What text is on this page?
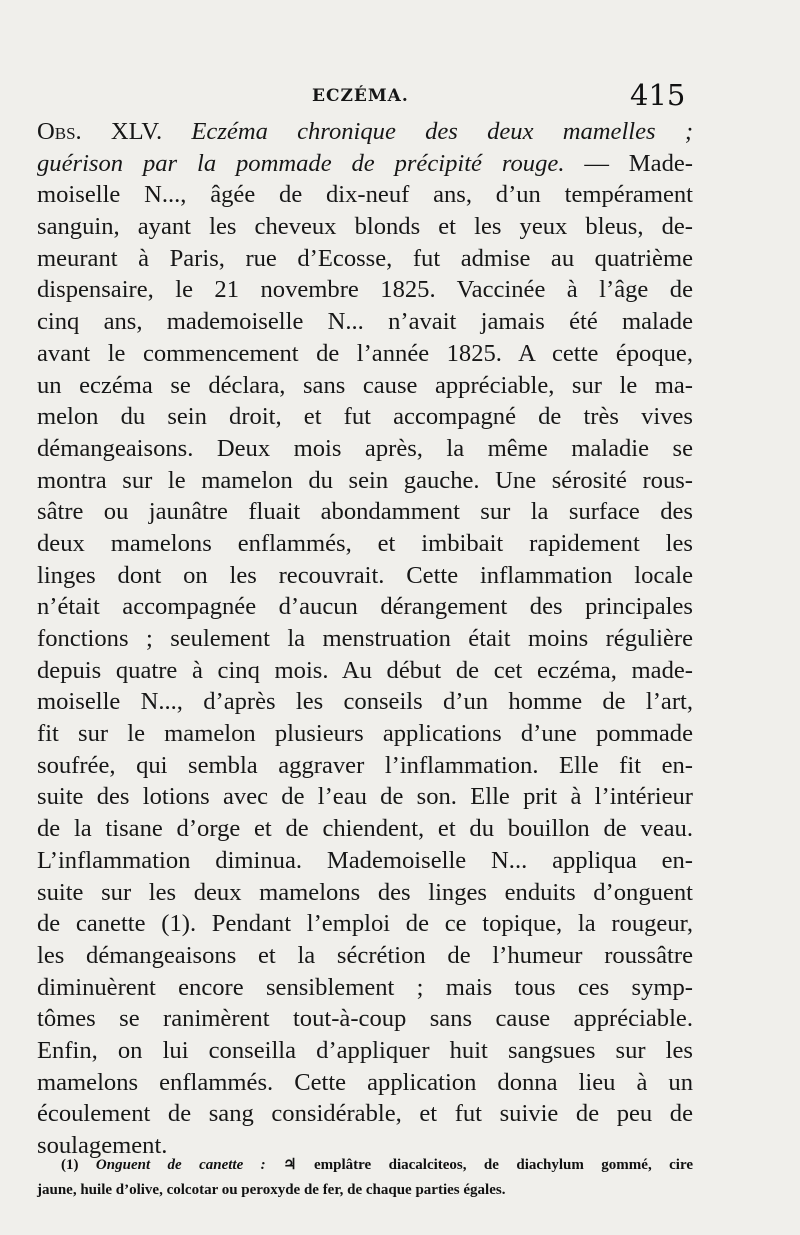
ECZÉMA.	415
Obs. XLV. Eczéma chronique des deux mamelles ;
guérison par la pommade de précipité rouge. — Made-
moiselle N..., âgée de dix-neuf ans, d’un tempérament
sanguin, ayant les cheveux blonds et les yeux bleus, de-
meurant à Paris, rue d’Ecosse, fut admise au quatrième
dispensaire, le 21 novembre 1825. Vaccinée à l’âge de
cinq ans, mademoiselle N... n’avait jamais été malade
avant le commencement de l’année 1825. A cette époque,
un eczéma se déclara, sans cause appréciable, sur le ma-
melon du sein droit, et fut accompagné de très vives
démangeaisons. Deux mois après, la même maladie se
montra sur le mamelon du sein gauche. Une sérosité rous-
sâtre ou jaunâtre fluait abondamment sur la surface des
deux mamelons enflammés, et imbibait rapidement les
linges dont on les recouvrait. Cette inflammation locale
n’était accompagnée d’aucun dérangement des principales
fonctions ; seulement la menstruation était moins régulière
depuis quatre à cinq mois. Au début de cet eczéma, made-
moiselle N..., d’après les conseils d’un homme de l’art,
fit sur le mamelon plusieurs applications d’une pommade
soufrée, qui sembla aggraver l’inflammation. Elle fit en-
suite des lotions avec de l’eau de son. Elle prit à l’intérieur
de la tisane d’orge et de chiendent, et du bouillon de veau.
L’inflammation diminua. Mademoiselle N... appliqua en-
suite sur les deux mamelons des linges enduits d’onguent
de canette (1). Pendant l’emploi de ce topique, la rougeur,
les démangeaisons et la sécrétion de l’humeur roussâtre
diminuèrent encore sensiblement ; mais tous ces symp-
tômes se ranimèrent tout-à-coup sans cause appréciable.
Enfin, on lui conseilla d’appliquer huit sangsues sur les
mamelons enflammés. Cette application donna lieu à un
écoulement de sang considérable, et fut suivie de peu de
soulagement.
(1) Onguent de canette : ♃ emplâtre diacalciteos, de diachylum gommé, cire
jaune, huile d’olive, colcotar ou peroxyde de fer, de chaque parties égales.
